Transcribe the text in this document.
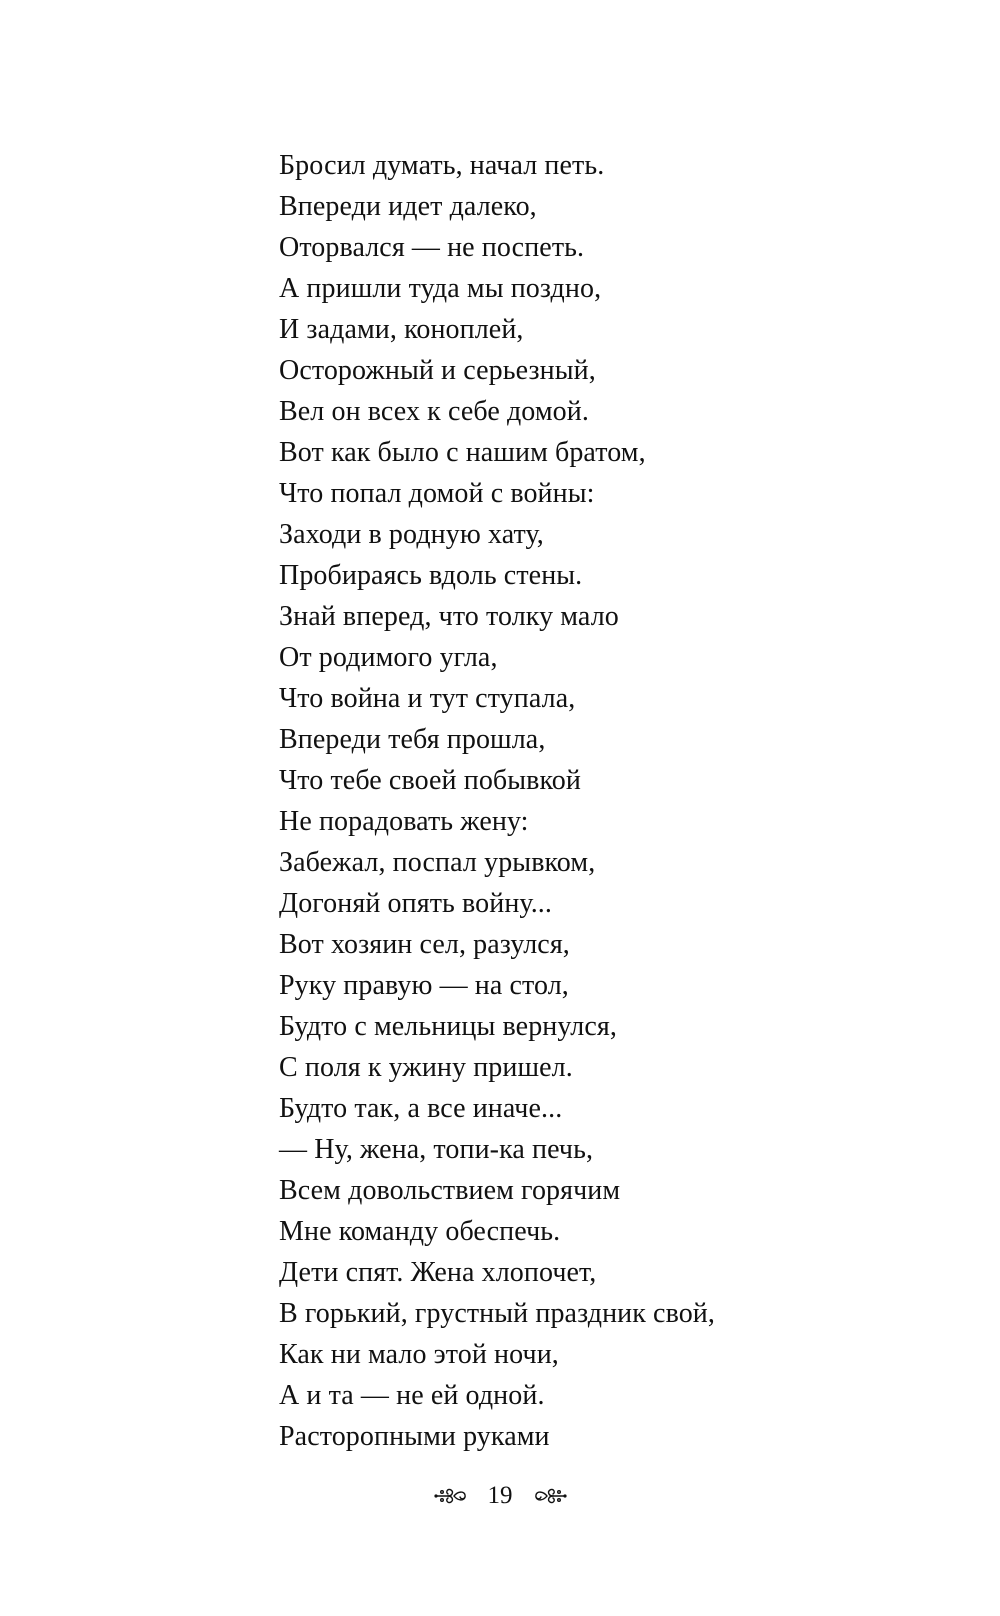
Бросил думать, начал петь.
Впереди идет далеко,
Оторвался — не поспеть.
А пришли туда мы поздно,
И задами, коноплей,
Осторожный и серьезный,
Вел он всех к себе домой.
Вот как было с нашим братом,
Что попал домой с войны:
Заходи в родную хату,
Пробираясь вдоль стены.
Знай вперед, что толку мало
От родимого угла,
Что война и тут ступала,
Впереди тебя прошла,
Что тебе своей побывкой
Не порадовать жену:
Забежал, поспал урывком,
Догоняй опять войну...
Вот хозяин сел, разулся,
Руку правую — на стол,
Будто с мельницы вернулся,
С поля к ужину пришел.
Будто так, а все иначе...
— Ну, жена, топи-ка печь,
Всем довольствием горячим
Мне команду обеспечь.
Дети спят. Жена хлопочет,
В горький, грустный праздник свой,
Как ни мало этой ночи,
А и та — не ей одной.
Расторопными руками
19
